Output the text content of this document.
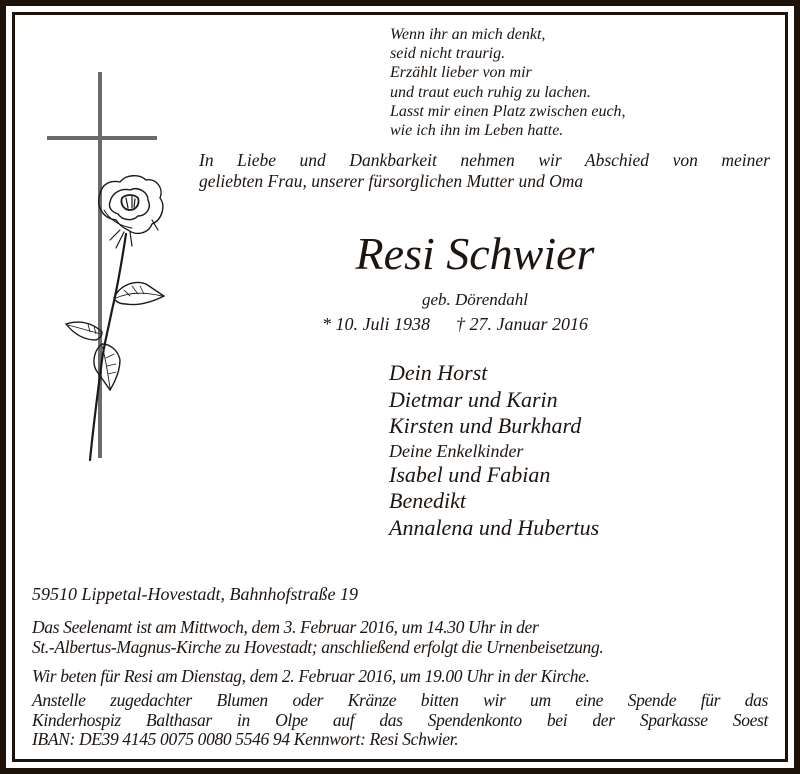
Wenn ihr an mich denkt,
seid nicht traurig.
Erzählt lieber von mir
und traut euch ruhig zu lachen.
Lasst mir einen Platz zwischen euch,
wie ich ihn im Leben hatte.
In Liebe und Dankbarkeit nehmen wir Abschied von meiner
geliebten Frau, unserer fürsorglichen Mutter und Oma
Resi Schwier
geb. Dörendahl
* 10. Juli 1938 † 27. Januar 2016
Dein Horst
Dietmar und Karin
Kirsten und Burkhard
Deine Enkelkinder
Isabel und Fabian
Benedikt
Annalena und Hubertus
59510 Lippetal-Hovestadt, Bahnhofstraße 19
Das Seelenamt ist am Mittwoch, dem 3. Februar 2016, um 14.30 Uhr in der
St.-Albertus-Magnus-Kirche zu Hovestadt; anschließend erfolgt die Urnenbeisetzung.
Wir beten für Resi am Dienstag, dem 2. Februar 2016, um 19.00 Uhr in der Kirche.
Anstelle zugedachter Blumen oder Kränze bitten wir um eine Spende für das
Kinderhospiz Balthasar in Olpe auf das Spendenkonto bei der Sparkasse Soest
IBAN: DE39 4145 0075 0080 5546 94 Kennwort: Resi Schwier.
